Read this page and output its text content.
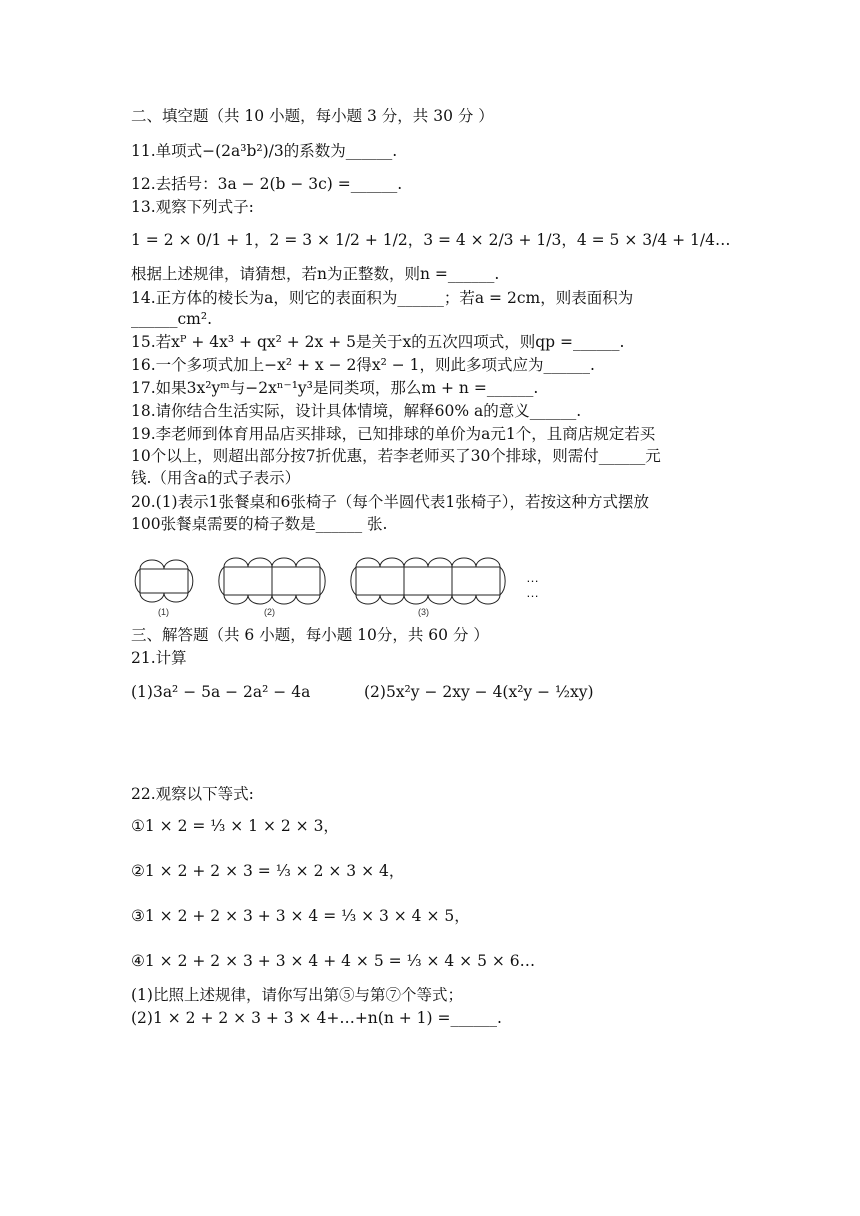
二、填空题（共 10 小题，每小题 3 分，共 30 分 ）
11.单项式−(2a³b²)/3的系数为______.
12.去括号：3a − 2(b − 3c) =______.
13.观察下列式子:
1 = 2 × 0/1 + 1，2 = 3 × 1/2 + 1/2，3 = 4 × 2/3 + 1/3，4 = 5 × 3/4 + 1/4…
根据上述规律，请猜想，若n为正整数，则n =______.
14.正方体的棱长为a，则它的表面积为______；若a = 2cm，则表面积为
______cm².
15.若xᴾ + 4x³ + qx² + 2x + 5是关于x的五次四项式，则qp =______.
16.一个多项式加上−x² + x − 2得x² − 1，则此多项式应为______.
17.如果3x²yᵐ与−2xⁿ⁻¹y³是同类项，那么m + n =______.
18.请你结合生活实际，设计具体情境，解释60% a的意义______.
19.李老师到体育用品店买排球，已知排球的单价为a元1个，且商店规定若买
10个以上，则超出部分按7折优惠，若李老师买了30个排球，则需付______元
钱.（用含a的式子表示）
20.(1)表示1张餐桌和6张椅子（每个半圆代表1张椅子），若按这种方式摆放
100张餐桌需要的椅子数是______ 张.
(1)	(2)	(3)
… …
三、解答题（共 6 小题，每小题 10分，共 60 分 ）
21.计算
(1)3a² − 5a − 2a² − 4a	(2)5x²y − 2xy − 4(x²y − ½xy)
22.观察以下等式:
①1 × 2 = ⅓ × 1 × 2 × 3，
②1 × 2 + 2 × 3 = ⅓ × 2 × 3 × 4，
③1 × 2 + 2 × 3 + 3 × 4 = ⅓ × 3 × 4 × 5，
④1 × 2 + 2 × 3 + 3 × 4 + 4 × 5 = ⅓ × 4 × 5 × 6…
(1)比照上述规律，请你写出第⑤与第⑦个等式；
(2)1 × 2 + 2 × 3 + 3 × 4+…+n(n + 1) =______.
